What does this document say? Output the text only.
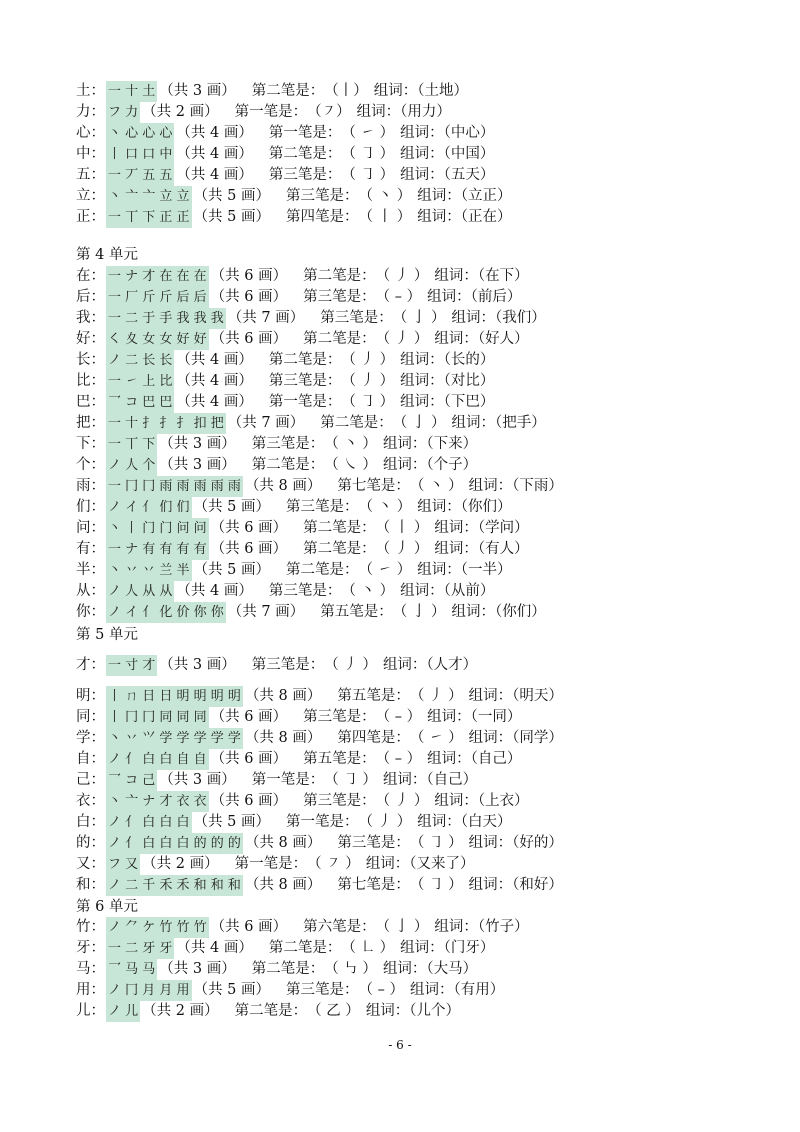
土： 一 十 土 （共 3 画） 第二笔是： （丨） 组词：（土地）
力： フ 力 （共 2 画） 第一笔是： （㇇） 组词：（用力）
心： 丶 心 心 心 （共 4 画） 第一笔是： （ ㇀ ） 组词：（中心）
中： 丨 口 口 中 （共 4 画） 第二笔是： （ ㇆ ） 组词：（中国）
五： 一 丆 五 五 （共 4 画） 第三笔是： （ ㇆ ） 组词：（五天）
立： 丶 亠 亠 立 立 （共 5 画） 第三笔是： （ 丶 ） 组词：（立正）
正： 一 丅 下 正 正 （共 5 画） 第四笔是： （ 丨 ） 组词：（正在）
第 4 单元
在： 一 ナ 才 在 在 在 （共 6 画） 第二笔是： （ 丿 ） 组词：（在下）
后： 一 厂 斤 斤 后 后 （共 6 画） 第三笔是： （ – ） 组词：（前后）
我： 一 二 于 手 我 我 我 （共 7 画） 第三笔是： （ 亅 ） 组词：（我们）
好： ㇛ 夊 女 女 好 好 （共 6 画） 第二笔是： （ 丿 ） 组词：（好人）
长： ノ 二 长 长 （共 4 画） 第二笔是： （ 丿 ） 组词：（长的）
比： 一 ㇀ 上 比 （共 4 画） 第三笔是： （ 丿 ） 组词：（对比）
巴： 乛 コ 巴 巴 （共 4 画） 第一笔是： （ ㇆ ） 组词：（下巴）
把： 一 十 扌 扌 扌 扣 把 （共 7 画） 第二笔是： （ 亅 ） 组词：（把手）
下： 一 丅 下 （共 3 画） 第三笔是： （ 丶 ） 组词：（下来）
个： ノ 人 个 （共 3 画） 第二笔是： （ ㇏ ） 组词：（个子）
雨： 一 冂 冂 雨 雨 雨 雨 雨 （共 8 画） 第七笔是： （ 丶 ） 组词：（下雨）
们： ノ イ 亻 们 们 （共 5 画） 第三笔是： （ 丶 ） 组词：（你们）
问： 丶 丨 门 门 问 问 （共 6 画） 第二笔是： （ 丨 ） 组词：（学问）
有： 一 ナ 有 有 有 有 （共 6 画） 第二笔是： （ 丿 ） 组词：（有人）
半： 丶 丷 丷 兰 半 （共 5 画） 第二笔是： （ ㇀ ） 组词：（一半）
从： ノ 人 从 从 （共 4 画） 第三笔是： （ 丶 ） 组词：（从前）
你： ノ イ 亻 化 价 你 你 （共 7 画） 第五笔是： （ 亅 ） 组词：（你们）
第 5 单元
才： 一 寸 才 （共 3 画） 第三笔是： （ 丿 ） 组词：（人才）
明： 丨 ㄇ 日 日 明 明 明 明 （共 8 画） 第五笔是： （ 丿 ） 组词：（明天）
同： 丨 冂 冂 同 同 同 （共 6 画） 第三笔是： （ – ） 组词：（一同）
学： 丶 丷 ⺍ 学 学 学 学 学 （共 8 画） 第四笔是： （ ㇀ ） 组词：（同学）
自： ノ 亻 白 白 自 自 （共 6 画） 第五笔是： （ – ） 组词：（自己）
己： 乛 コ 己 （共 3 画） 第一笔是： （ ㇆ ） 组词：（自己）
衣： 丶 亠 ナ 才 衣 衣 （共 6 画） 第三笔是： （ 丿 ） 组词：（上衣）
白： ノ 亻 白 白 白 （共 5 画） 第一笔是： （ 丿 ） 组词：（白天）
的： ノ 亻 白 白 白 的 的 的 （共 8 画） 第三笔是： （ ㇆ ） 组词：（好的）
又： フ 又 （共 2 画） 第一笔是： （ ㇇ ） 组词：（又来了）
和： ノ 二 千 禾 禾 和 和 和 （共 8 画） 第七笔是： （ ㇆ ） 组词：（和好）
第 6 单元
竹： ノ ⺈ ケ 竹 竹 竹 （共 6 画） 第六笔是： （ 亅 ） 组词：（竹子）
牙： 一 二 牙 牙 （共 4 画） 第二笔是： （ ㇗ ） 组词：（门牙）
马： 乛 马 马 （共 3 画） 第二笔是： （ ㇉ ） 组词：（大马）
用： ノ 冂 月 月 用 （共 5 画） 第三笔是： （ – ） 组词：（有用）
儿： ノ 儿 （共 2 画） 第二笔是： （ 乙 ） 组词：（儿个）
- 6 -
